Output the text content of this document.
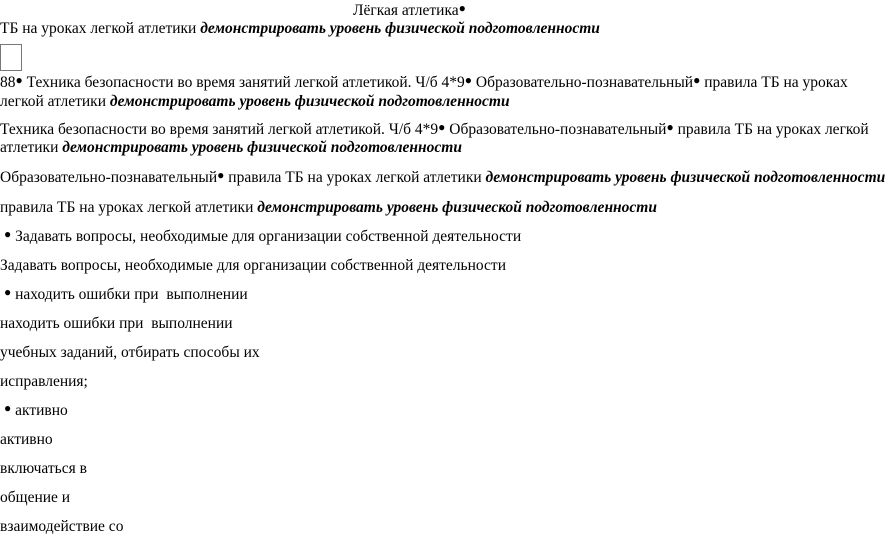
Лёгкая атлетика●
ТБ на уроках легкой атлетики демонстрировать уровень физической подготовленности
88● Техника безопасности во время занятий легкой атлетикой. Ч/б 4*9● Образовательно-познавательный● правила ТБ на уроках
легкой атлетики демонстрировать уровень физической подготовленности
Техника безопасности во время занятий легкой атлетикой. Ч/б 4*9● Образовательно-познавательный● правила ТБ на уроках легкой
атлетики демонстрировать уровень физической подготовленности
Образовательно-познавательный● правила ТБ на уроках легкой атлетики демонстрировать уровень физической подготовленности
правила ТБ на уроках легкой атлетики демонстрировать уровень физической подготовленности
● Задавать вопросы, необходимые для организации собственной деятельности
Задавать вопросы, необходимые для организации собственной деятельности
● находить ошибки при  выполнении
находить ошибки при  выполнении
учебных заданий, отбирать способы их
исправления;
● активно
активно
включаться в
общение и
взаимодействие со
